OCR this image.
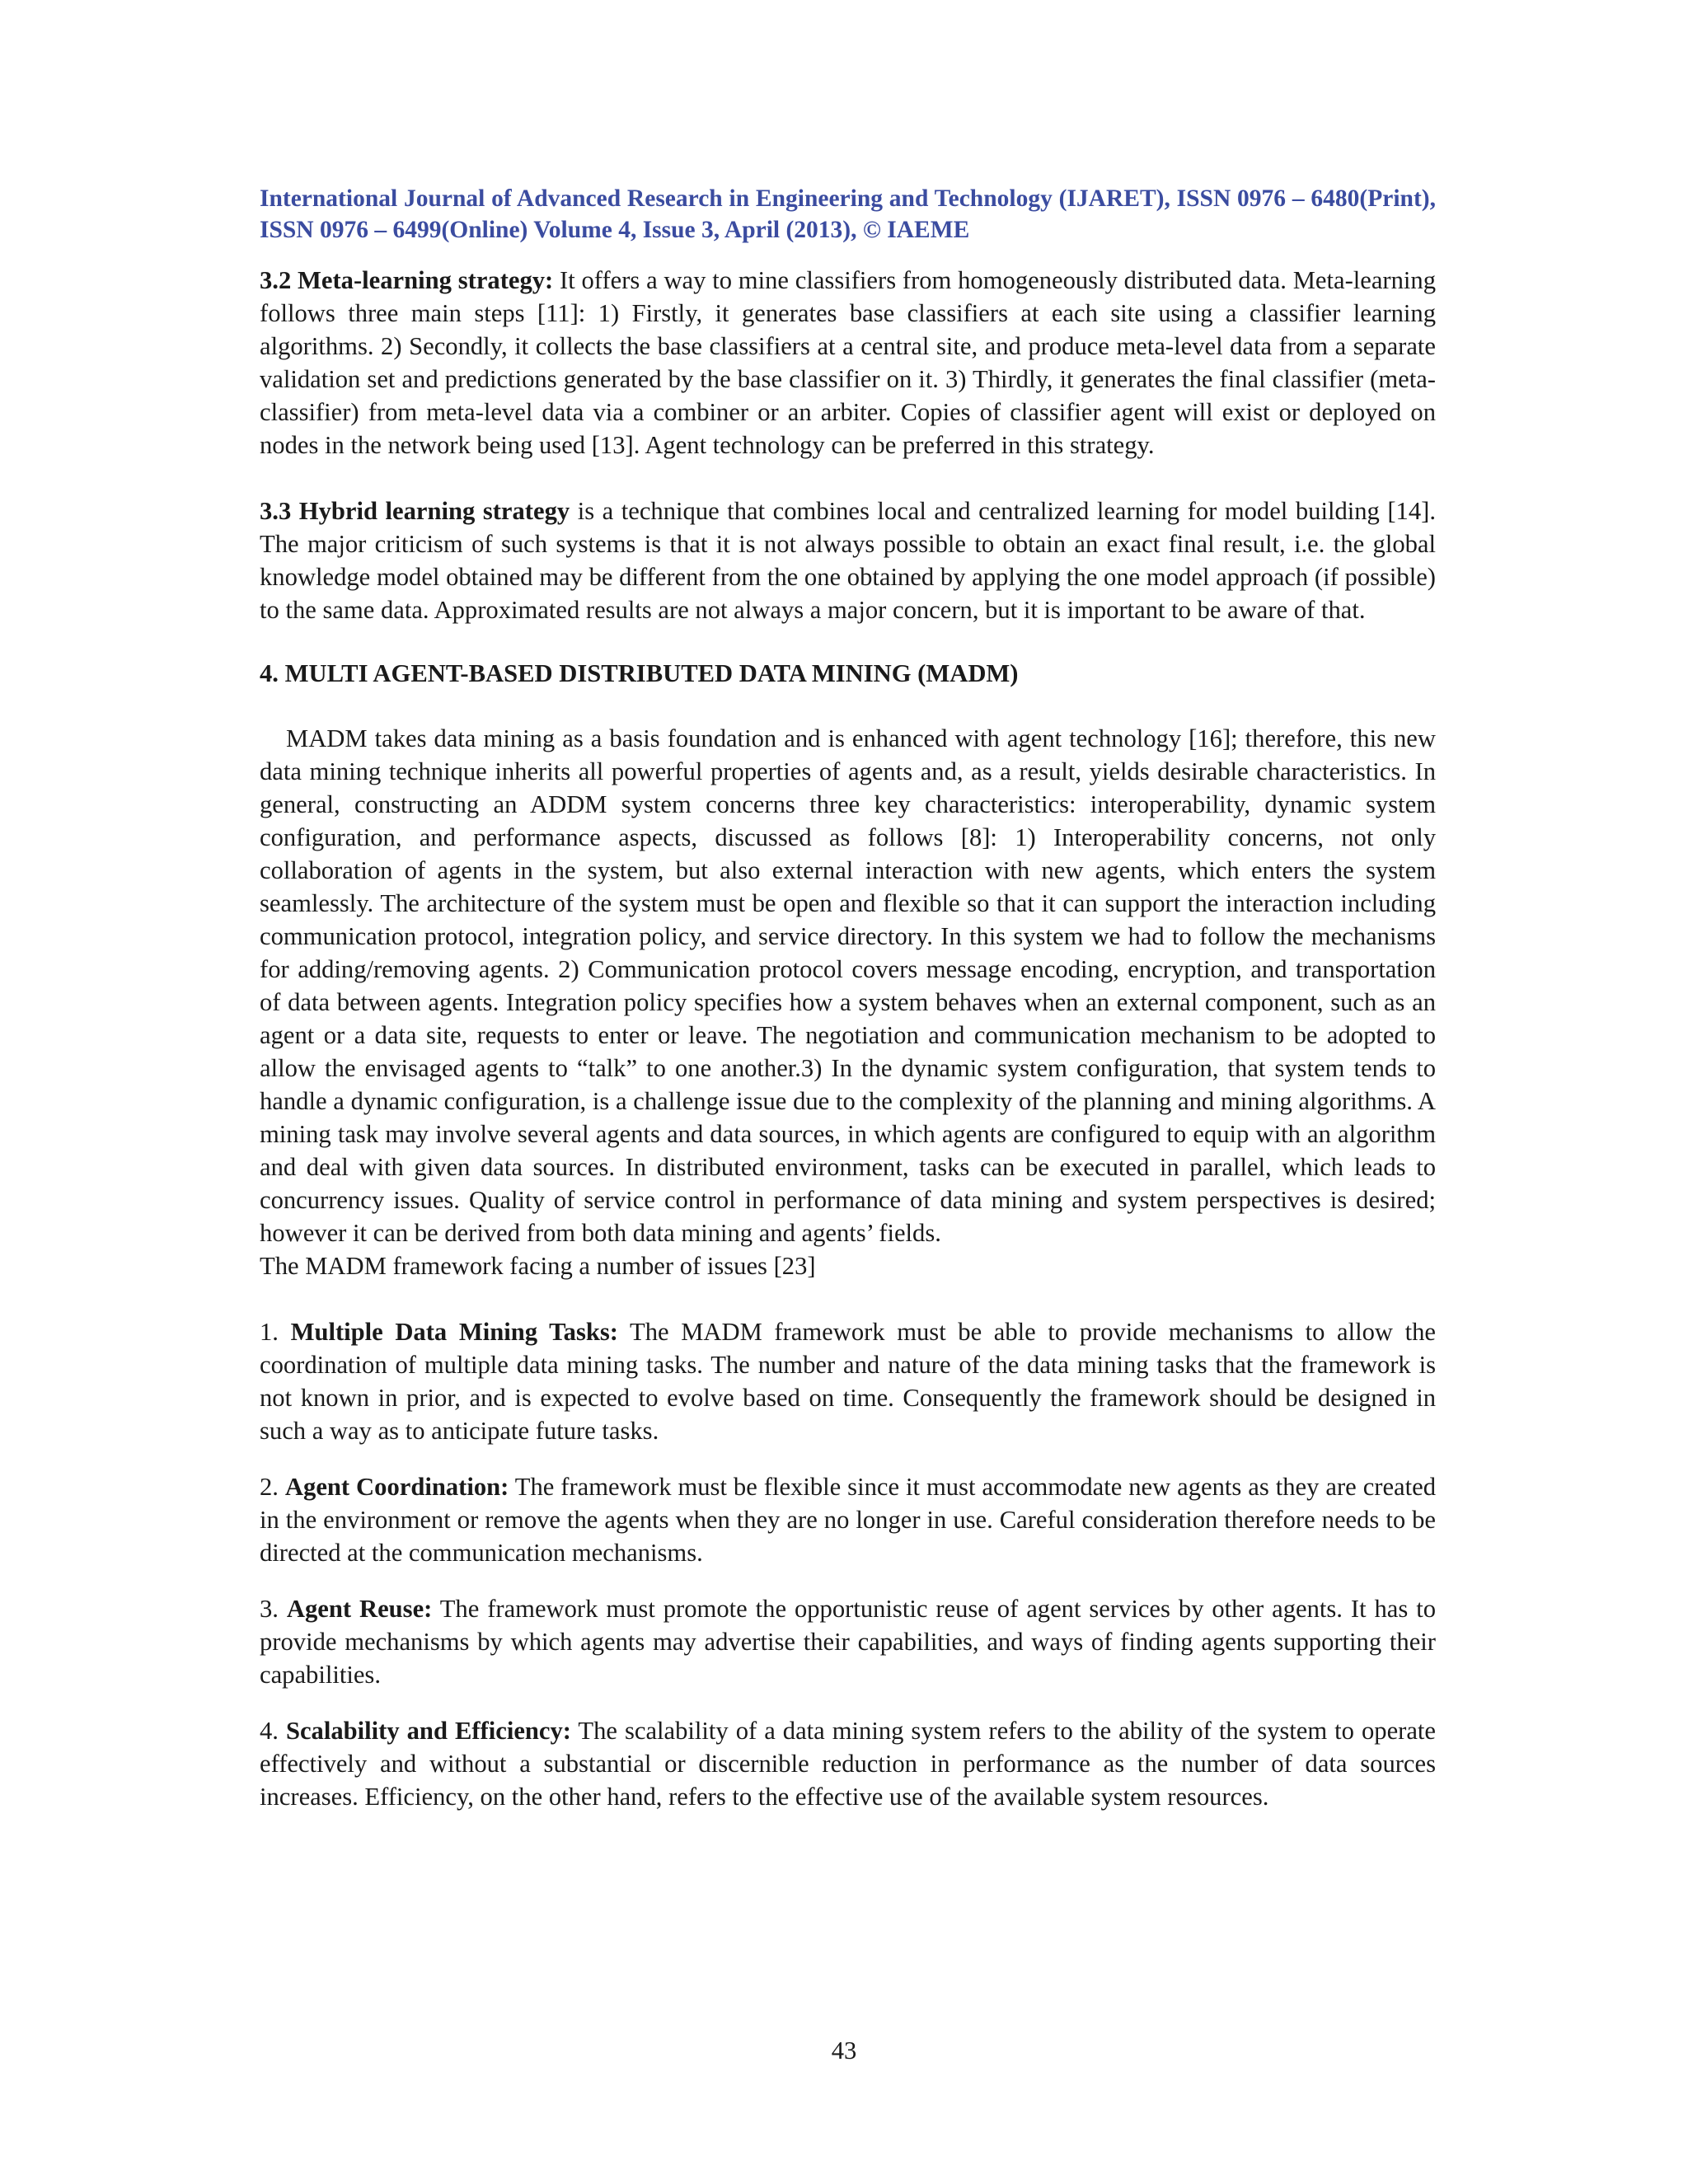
International Journal of Advanced Research in Engineering and Technology (IJARET), ISSN 0976 – 6480(Print), ISSN 0976 – 6499(Online) Volume 4, Issue 3, April (2013), © IAEME

3.2 Meta-learning strategy: It offers a way to mine classifiers from homogeneously distributed data. Meta-learning follows three main steps [11]: 1) Firstly, it generates base classifiers at each site using a classifier learning algorithms. 2) Secondly, it collects the base classifiers at a central site, and produce meta-level data from a separate validation set and predictions generated by the base classifier on it. 3) Thirdly, it generates the final classifier (meta-classifier) from meta-level data via a combiner or an arbiter. Copies of classifier agent will exist or deployed on nodes in the network being used [13]. Agent technology can be preferred in this strategy.

3.3 Hybrid learning strategy is a technique that combines local and centralized learning for model building [14]. The major criticism of such systems is that it is not always possible to obtain an exact final result, i.e. the global knowledge model obtained may be different from the one obtained by applying the one model approach (if possible) to the same data. Approximated results are not always a major concern, but it is important to be aware of that.

4. MULTI AGENT-BASED DISTRIBUTED DATA MINING (MADM)

MADM takes data mining as a basis foundation and is enhanced with agent technology [16]; therefore, this new data mining technique inherits all powerful properties of agents and, as a result, yields desirable characteristics. In general, constructing an ADDM system concerns three key characteristics: interoperability, dynamic system configuration, and performance aspects, discussed as follows [8]: 1) Interoperability concerns, not only collaboration of agents in the system, but also external interaction with new agents, which enters the system seamlessly. The architecture of the system must be open and flexible so that it can support the interaction including communication protocol, integration policy, and service directory. In this system we had to follow the mechanisms for adding/removing agents. 2) Communication protocol covers message encoding, encryption, and transportation of data between agents. Integration policy specifies how a system behaves when an external component, such as an agent or a data site, requests to enter or leave. The negotiation and communication mechanism to be adopted to allow the envisaged agents to “talk” to one another.3) In the dynamic system configuration, that system tends to handle a dynamic configuration, is a challenge issue due to the complexity of the planning and mining algorithms. A mining task may involve several agents and data sources, in which agents are configured to equip with an algorithm and deal with given data sources. In distributed environment, tasks can be executed in parallel, which leads to concurrency issues. Quality of service control in performance of data mining and system perspectives is desired; however it can be derived from both data mining and agents’ fields.

The MADM framework facing a number of issues [23]

1. Multiple Data Mining Tasks: The MADM framework must be able to provide mechanisms to allow the coordination of multiple data mining tasks. The number and nature of the data mining tasks that the framework is not known in prior, and is expected to evolve based on time. Consequently the framework should be designed in such a way as to anticipate future tasks.

2. Agent Coordination: The framework must be flexible since it must accommodate new agents as they are created in the environment or remove the agents when they are no longer in use. Careful consideration therefore needs to be directed at the communication mechanisms.

3. Agent Reuse: The framework must promote the opportunistic reuse of agent services by other agents. It has to provide mechanisms by which agents may advertise their capabilities, and ways of finding agents supporting their capabilities.

4. Scalability and Efficiency: The scalability of a data mining system refers to the ability of the system to operate effectively and without a substantial or discernible reduction in performance as the number of data sources increases. Efficiency, on the other hand, refers to the effective use of the available system resources.

43
